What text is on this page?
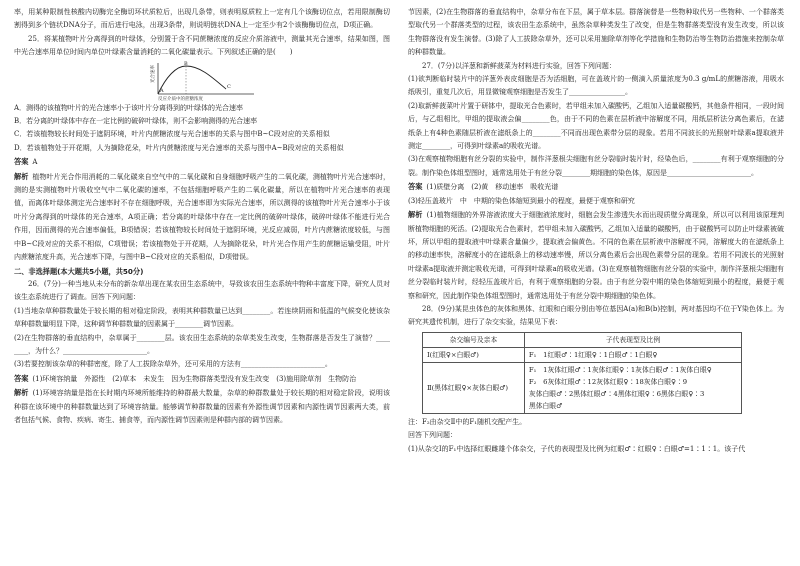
率，用某种限制性核酸内切酶完全酶切环状质粒后，出现几条带，则表明原质粒上一定有几个该酶切位点，若用限制酶切割得到多个链状DNA分子，而后进行电泳，出现3条带，则说明链状DNA上一定至少有2个该酶酶切位点，D项正确。

25．将某植物叶片分离得到的叶绿体，分别置于含不同蔗糖浓度的反应介质溶液中，测量其光合速率，结果如图，图中光合速率用单位时间内单位叶绿素含量消耗的二氧化碳量表示。下列叙述正确的是(　　)

光合速率
A
B
C
反应介质中的蔗糖浓度

A．测得的该植物叶片的光合速率小于该叶片分离得到的叶绿体的光合速率

B．若分离的叶绿体中存在一定比例的破碎叶绿体，则不会影响测得的光合速率

C．若该植物较长时间处于遮阴环境，叶片内蔗糖浓度与光合速率的关系与图中B~C段对应的关系相似

D．若该植物处于开花期，人为摘除花朵，叶片内蔗糖浓度与光合速率的关系与图中A~B段对应的关系相似

答案 A

解析 植物叶片光合作用消耗的二氧化碳来自空气中的二氧化碳和自身细胞呼吸产生的二氧化碳，测植物叶片光合速率时，测的是实测植物叶片吸收空气中二氧化碳的速率，不包括细胞呼吸产生的二氧化碳量，所以在植物叶片光合速率的表现值，而离体叶绿体测定光合速率时不存在细胞呼吸，光合速率即为实际光合速率，所以测得的该植物叶片光合速率小于该叶片分离得到的叶绿体的光合速率，A项正确；若分离的叶绿体中存在一定比例的破碎叶绿体，破碎叶绿体不能进行光合作用，因而测得的光合速率偏低，B项错误；若该植物较长时间处于遮阴环境，光反应减弱，叶片内蔗糖浓度较低，与图中B~C段对应的关系不相似，C项错误；若该植物处于开花期，人为摘除花朵，叶片光合作用产生的蔗糖运输受阻，叶片内蔗糖浓度升高，光合速率下降，与图中B~C段对应的关系相似，D项错误。

二、非选择题(本大题共5小题，共50分)

26．(7分)一种当地从未分布的新杂草出现在某农田生态系统中，导致该农田生态系统中物种丰富度下降，研究人员对该生态系统进行了调查。回答下列问题：

(1)当地杂草种群数量处于较长期的相对稳定阶段，表明其种群数量已达到________。若连续阴雨和低温的气候变化使该杂草种群数量明显下降，这种调节种群数量的因素属于________调节因素。

(2)在生物群落的垂直结构中，杂草属于________层。该农田生态系统的杂草类发生改变，生物群落是否发生了演替？________，为什么？________________________。

(3)若要控制该杂草的种群密度，除了人工拔除杂草外，还可采用的方法有________________________。

答案 (1)环境容纳量　外源性　(2)草本　未发生　因为生物群落类型没有发生改变　(3)施用除草剂　生物防治

解析 (1)环境容纳量是指在长时期内环境所能维持的种群最大数量，杂草的种群数量处于较长期的相对稳定阶段，说明该种群在该环境中的种群数量达到了环境容纳量。能够调节种群数量的因素有外源性调节因素和内源性调节因素两大类，前者包括气候、食物、疾病、寄生、捕食等，而内源性调节因素则是种群内部的调节因素。

节因素，(2)在生物群落的垂直结构中，杂草分布在下层，属于草本层。群落演替是一些物种取代另一些物种、一个群落类型取代另一个群落类型的过程，该农田生态系统中，虽然杂草种类发生了改变，但是生物群落类型没有发生改变，所以该生物群落没有发生演替。(3)除了人工拔除杂草外，还可以采用施除草剂等化学措施和生物防治等生物防治措施来控制杂草的种群数量。

27．(7分)以洋葱和新鲜菠菜为材料进行实验，回答下列问题：

(1)欲判断临时装片中的洋葱外表皮细胞是否为活细胞，可在盖玻片的一侧滴入质量浓度为0.3 g/mL的蔗糖溶液，用吸水纸吸引，重复几次后，用显微镜观察细胞是否发生了________________。

(2)取新鲜菠菜叶片置于研钵中，提取光合色素时，若甲组未加入碳酸钙，乙组加入适量碳酸钙，其他条件相同，一段时间后，与乙组相比，甲组的提取液会偏________色，由于不同的色素在层析液中溶解度不同，用纸层析法分离色素后，在滤纸条上有4种色素随层析液在滤纸条上的________不同而出现色素带分层的现象。若用不同波长的光照射叶绿素a提取液并测定________，可得到叶绿素a的吸收光谱。

(3)在观察植物细胞有丝分裂的实验中，制作洋葱根尖细胞有丝分裂临时装片时，经染色后，________有利于观察细胞的分裂。制作染色体组型图时，通常选用处于有丝分裂________期细胞的染色体，原因是________________________。

答案 (1)质壁分离　(2)黄　移动速率　吸收光谱

(3)轻压盖玻片　中　中期的染色体缩短到最小的程度，最便于观察和研究

解析 (1)植物细胞的外界溶液浓度大于细胞液浓度时，细胞会发生渗透失水而出现质壁分离现象，所以可以利用该原理判断植物细胞的死活。(2)提取光合色素时，若甲组未加入碳酸钙，乙组加入适量的碳酸钙，由于碳酸钙可以防止叶绿素被破坏，所以甲组的提取液中叶绿素含量偏少，提取液会偏黄色。不同的色素在层析液中溶解度不同，溶解度大的在滤纸条上的移动速率快，溶解度小的在滤纸条上的移动速率慢，所以分离色素后会出现色素带分层的现象。若用不同波长的光照射叶绿素a提取液并测定吸收光谱，可得到叶绿素a的吸收光谱。(3)在观察植物细胞有丝分裂的实验中，制作洋葱根尖细胞有丝分裂临时装片时，经轻压盖玻片后，有利于观察细胞的分裂。由于有丝分裂中期的染色体缩短到最小的程度，最便于观察和研究，因此制作染色体组型图时，通常选用处于有丝分裂中期细胞的染色体。

28．(9分)某昆虫体色的灰体和黑体、红眼和白眼分别由等位基因A(a)和B(b)控制，两对基因均不位于Y染色体上。为研究其遗传机制，进行了杂交实验，结果见下表：

杂交编号及亲本	子代表现型及比例
Ⅰ(红眼♀×白眼♂)	F₁　1红眼♂∶1红眼♀∶1白眼♂∶1白眼♀
Ⅱ(黑体红眼♀×灰体白眼♂)	F₁　1灰体红眼♂∶1灰体红眼♀∶1灰体白眼♂∶1灰体白眼♀
F₂　6灰体红眼♂∶12灰体红眼♀∶18灰体白眼♀∶9
灰体白眼♂∶2黑体红眼♂∶4黑体红眼♀∶6黑体白眼♀∶3
黑体白眼♂

注：F₂由杂交Ⅱ中的F₁随机交配产生。

回答下列问题：

(1)从杂交Ⅰ的F₁中选择红眼雌雄个体杂交，子代的表现型及比例为红眼♂∶红眼♀∶白眼♂=1∶1∶1。该子代
